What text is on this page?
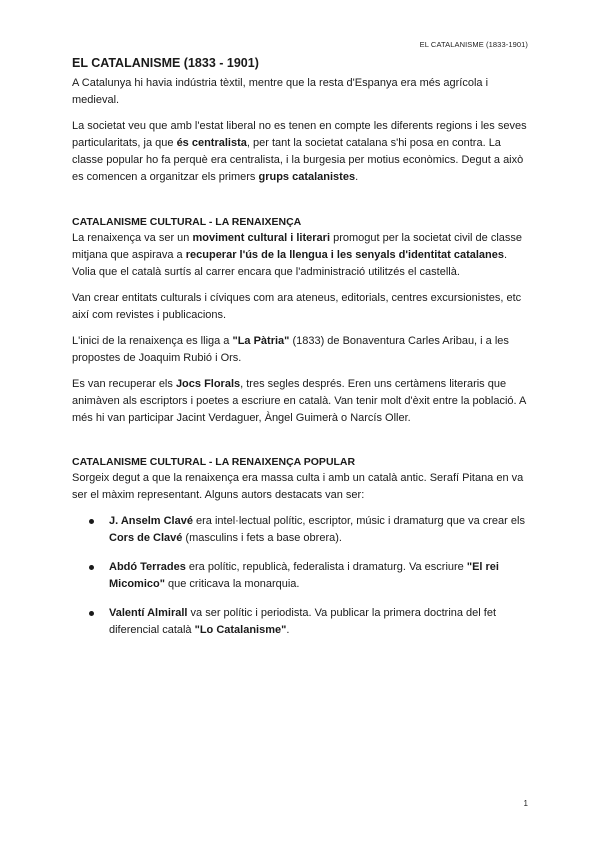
EL CATALANISME (1833-1901)
EL CATALANISME (1833 - 1901)

A Catalunya hi havia indústria tèxtil, mentre que la resta d'Espanya era més agrícola i medieval.

La societat veu que amb l'estat liberal no es tenen en compte les diferents regions i les seves particularitats, ja que és centralista, per tant la societat catalana s'hi posa en contra. La classe popular ho fa perquè era centralista, i la burgesia per motius econòmics. Degut a això es comencen a organitzar els primers grups catalanistes.

CATALANISME CULTURAL - LA RENAIXENÇA

La renaixença va ser un moviment cultural i literari promogut per la societat civil de classe mitjana que aspirava a recuperar l'ús de la llengua i les senyals d'identitat catalanes. Volia que el català surtís al carrer encara que l'administració utilitzés el castellà.

Van crear entitats culturals i cíviques com ara ateneus, editorials, centres excursionistes, etc així com revistes i publicacions.

L'inici de la renaixença es lliga a "La Pàtria" (1833) de Bonaventura Carles Aribau, i a les propostes de Joaquim Rubió i Ors.

Es van recuperar els Jocs Florals, tres segles després. Eren uns certàmens literaris que animàven als escriptors i poetes a escriure en català. Van tenir molt d'èxit entre la població. A més hi van participar Jacint Verdaguer, Àngel Guimerà o Narcís Oller.

CATALANISME CULTURAL - LA RENAIXENÇA POPULAR

Sorgeix degut a que la renaixença era massa culta i amb un català antic. Serafí Pitana en va ser el màxim representant. Alguns autors destacats van ser:

J. Anselm Clavé era intel·lectual polític, escriptor, músic i dramaturg que va crear els Cors de Clavé (masculins i fets a base obrera).
Abdó Terrades era polític, republicà, federalista i dramaturg. Va escriure "El rei Micomico" que criticava la monarquia.
Valentí Almirall va ser polític i periodista. Va publicar la primera doctrina del fet diferencial català "Lo Catalanisme".
1
